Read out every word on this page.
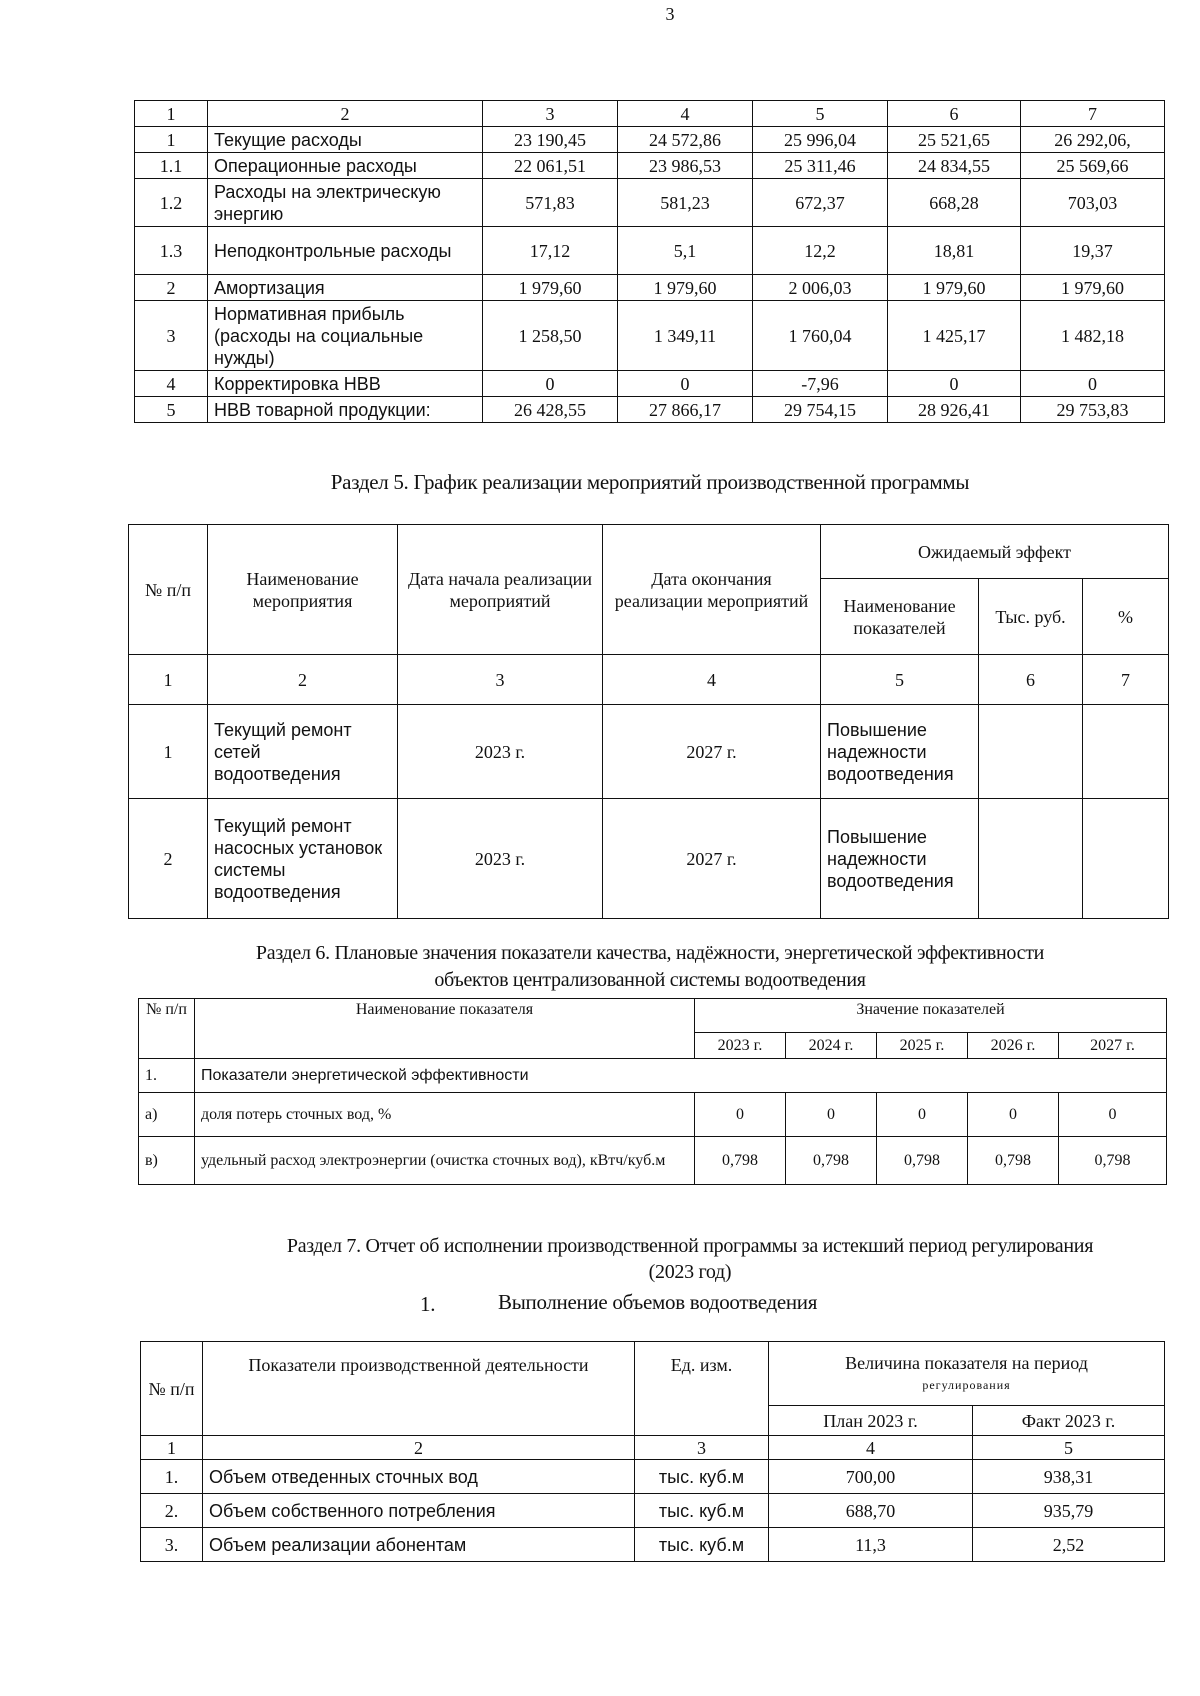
3
1	2	3	4	5	6	7
1	Текущие расходы	23 190,45	24 572,86	25 996,04	25 521,65	26 292,06,
1.1	Операционные расходы	22 061,51	23 986,53	25 311,46	24 834,55	25 569,66
1.2	Расходы на электрическую энергию	571,83	581,23	672,37	668,28	703,03
1.3	Неподконтрольные расходы	17,12	5,1	12,2	18,81	19,37
2	Амортизация	1 979,60	1 979,60	2 006,03	1 979,60	1 979,60
3	Нормативная прибыль (расходы на социальные нужды)	1 258,50	1 349,11	1 760,04	1 425,17	1 482,18
4	Корректировка НВВ	0	0	-7,96	0	0
5	НВВ товарной продукции:	26 428,55	27 866,17	29 754,15	28 926,41	29 753,83
Раздел 5. График реализации мероприятий производственной программы
№ п/п	Наименование мероприятия	Дата начала реализации мероприятий	Дата окончания реализации мероприятий	Ожидаемый эффект		
				Наименование показателей	Тыс. руб.	%
1	2	3	4	5	6	7
1	Текущий ремонт сетей водоотведения	2023 г.	2027 г.	Повышение надежности водоотведения		
2	Текущий ремонт насосных установок системы водоотведения	2023 г.	2027 г.	Повышение надежности водоотведения		
Раздел 6. Плановые значения показатели качества, надёжности, энергетической эффективности
объектов централизованной системы водоотведения
№ п/п	Наименование показателя	Значение показателей				
		2023 г.	2024 г.	2025 г.	2026 г.	2027 г.
1.	Показатели энергетической эффективности					
а)	доля потерь сточных вод, %	0	0	0	0	0
в)	удельный расход электроэнергии (очистка сточных вод), кВтч/куб.м	0,798	0,798	0,798	0,798	0,798
Раздел 7. Отчет об исполнении производственной программы за истекший период регулирования
(2023 год)
1.	Выполнение объемов водоотведения
№ п/п	Показатели производственной деятельности	Ед. изм.	Величина показателя на период
регулирования	

			План 2023 г.	Факт 2023 г.
1	2	3	4	5
1.	Объем отведенных сточных вод	тыс. куб.м	700,00	938,31
2.	Объем собственного потребления	тыс. куб.м	688,70	935,79
3.	Объем реализации абонентам	тыс. куб.м	11,3	2,52
